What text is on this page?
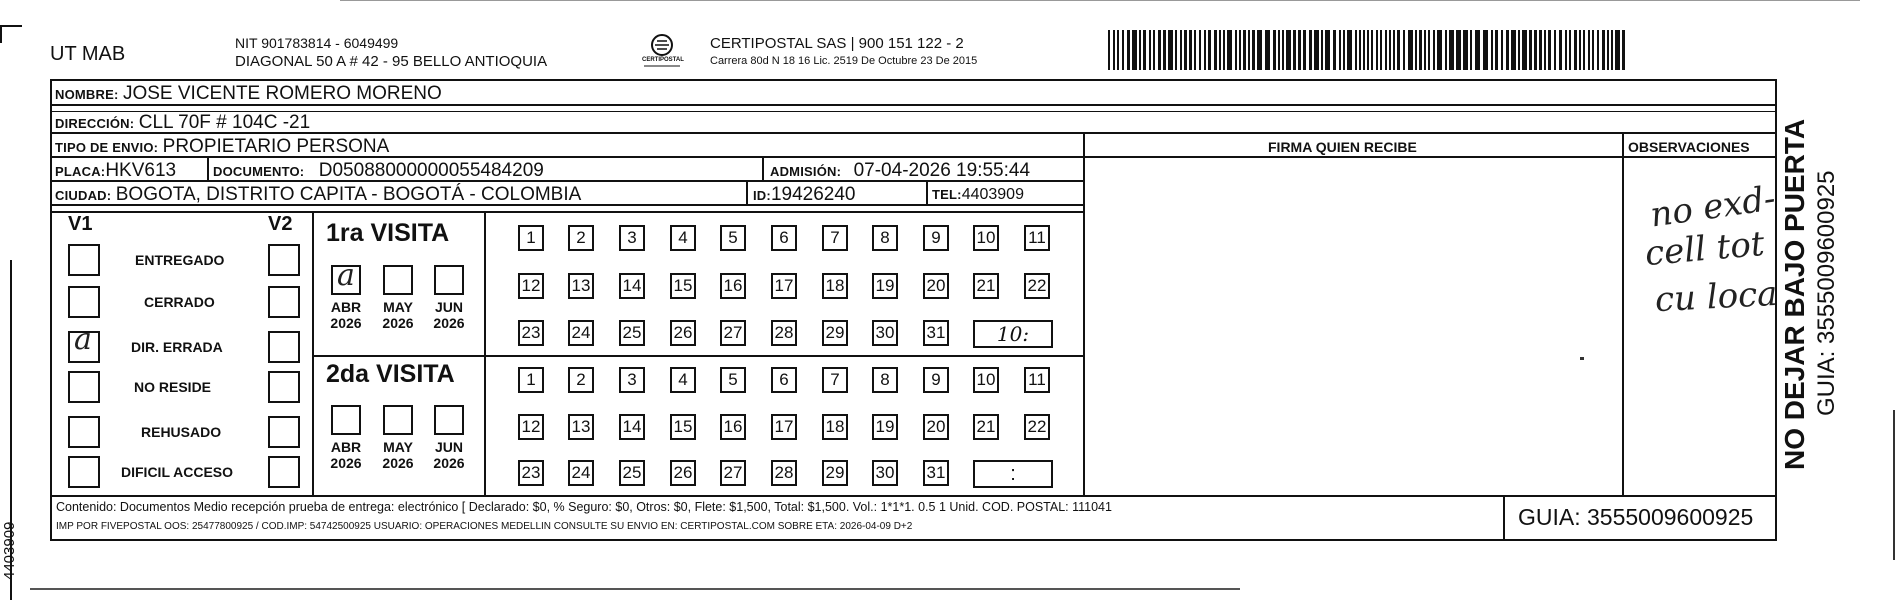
4403909
UT MAB	NIT 901783814 - 6049499
DIAGONAL 50 A # 42 - 95 BELLO ANTIOQUIA	CERTIPOSTAL
CERTIPOSTAL SAS | 900 151 122 - 2
Carrera 80d N 18 16 Lic. 2519 De Octubre 23 De 2015
NOMBRE: JOSE VICENTE ROMERO MORENO
DIRECCIÓN: CLL 70F # 104C -21
TIPO DE ENVIO: PROPIETARIO PERSONA	FIRMA QUIEN RECIBE	OBSERVACIONES
PLACA:HKV613	DOCUMENTO: D05088000000055484209	ADMISIÓN: 07-04-2026 19:55:44
CIUDAD: BOGOTA, DISTRITO CAPITA - BOGOTÁ - COLOMBIA	ID:19426240	TEL:4403909
V1	V2
ENTREGADO
CERRADO
DIR. ERRADA
a
NO RESIDE
REHUSADO
DIFICIL ACCESO
1ra VISITA
2da VISITA
ABR
2026
a
MAY
2026
JUN
2026
ABR
2026
MAY
2026
JUN
2026
1	2	3	4	5	6	7	8	9	10 11
12 13 14 15 16 17 18 19 20 21 22
23 24 25 26 27 28 29 30 31	10:
1	2	3	4	5	6	7	8	9	10 11
12 13 14 15 16 17 18 19 20 21 22
23 24 25 26 27 28 29 30 31	:
no exd-
cell tot
cu loca
Contenido: Documentos Medio recepción prueba de entrega: electrónico [ Declarado: $0, % Seguro: $0, Otros: $0, Flete: $1,500, Total: $1,500. Vol.: 1*1*1. 0.5 1 Unid. COD. POSTAL: 111041
IMP POR FIVEPOSTAL OOS: 25477800925 / COD.IMP: 54742500925 USUARIO: OPERACIONES MEDELLIN CONSULTE SU ENVIO EN: CERTIPOSTAL.COM SOBRE ETA: 2026-04-09 D+2	GUIA: 3555009600925
NO DEJAR BAJO PUERTA GUIA: 3555009600925
